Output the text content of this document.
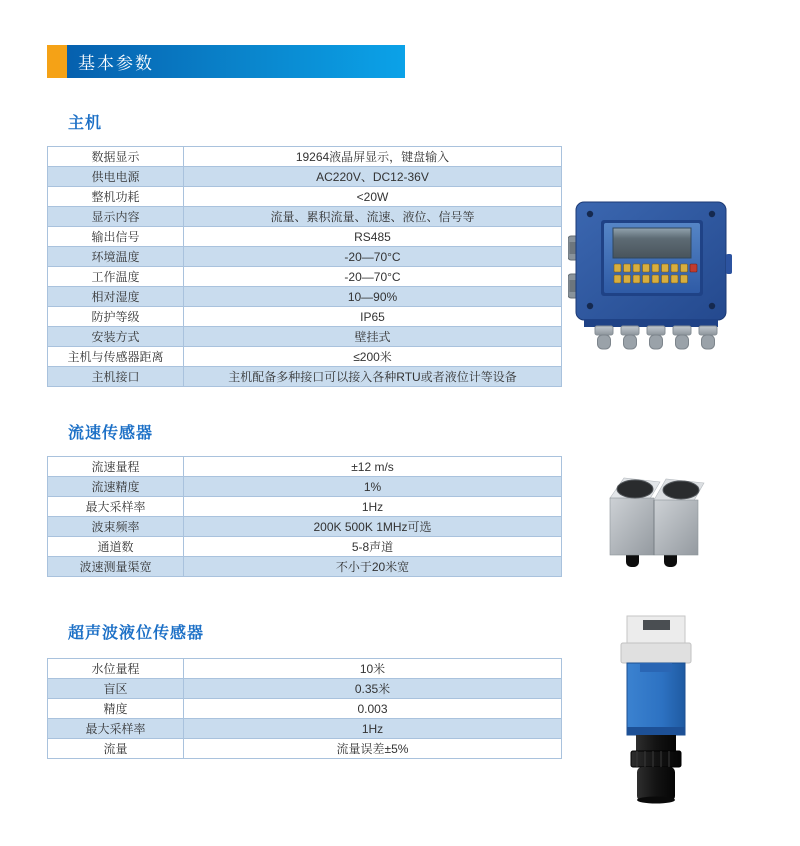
基本参数
主机
数据显示	19264液晶屏显示，键盘输入
供电电源	AC220V、DC12-36V
整机功耗	<20W
显示内容	流量、累积流量、流速、液位、信号等
输出信号	RS485
环境温度	-20—70°C
工作温度	-20—70°C
相对湿度	10—90%
防护等级	IP65
安装方式	壁挂式
主机与传感器距离	≤200米
主机接口	主机配备多种接口可以接入各种RTU或者液位计等设备
流速传感器
流速量程	±12 m/s
流速精度	1%
最大采样率	1Hz
波束频率	200K 500K 1MHz可选
通道数	5-8声道
波速测量渠宽	不小于20米宽
超声波液位传感器
水位量程	10米
盲区	0.35米
精度	0.003
最大采样率	1Hz
流量	流量误差±5%
